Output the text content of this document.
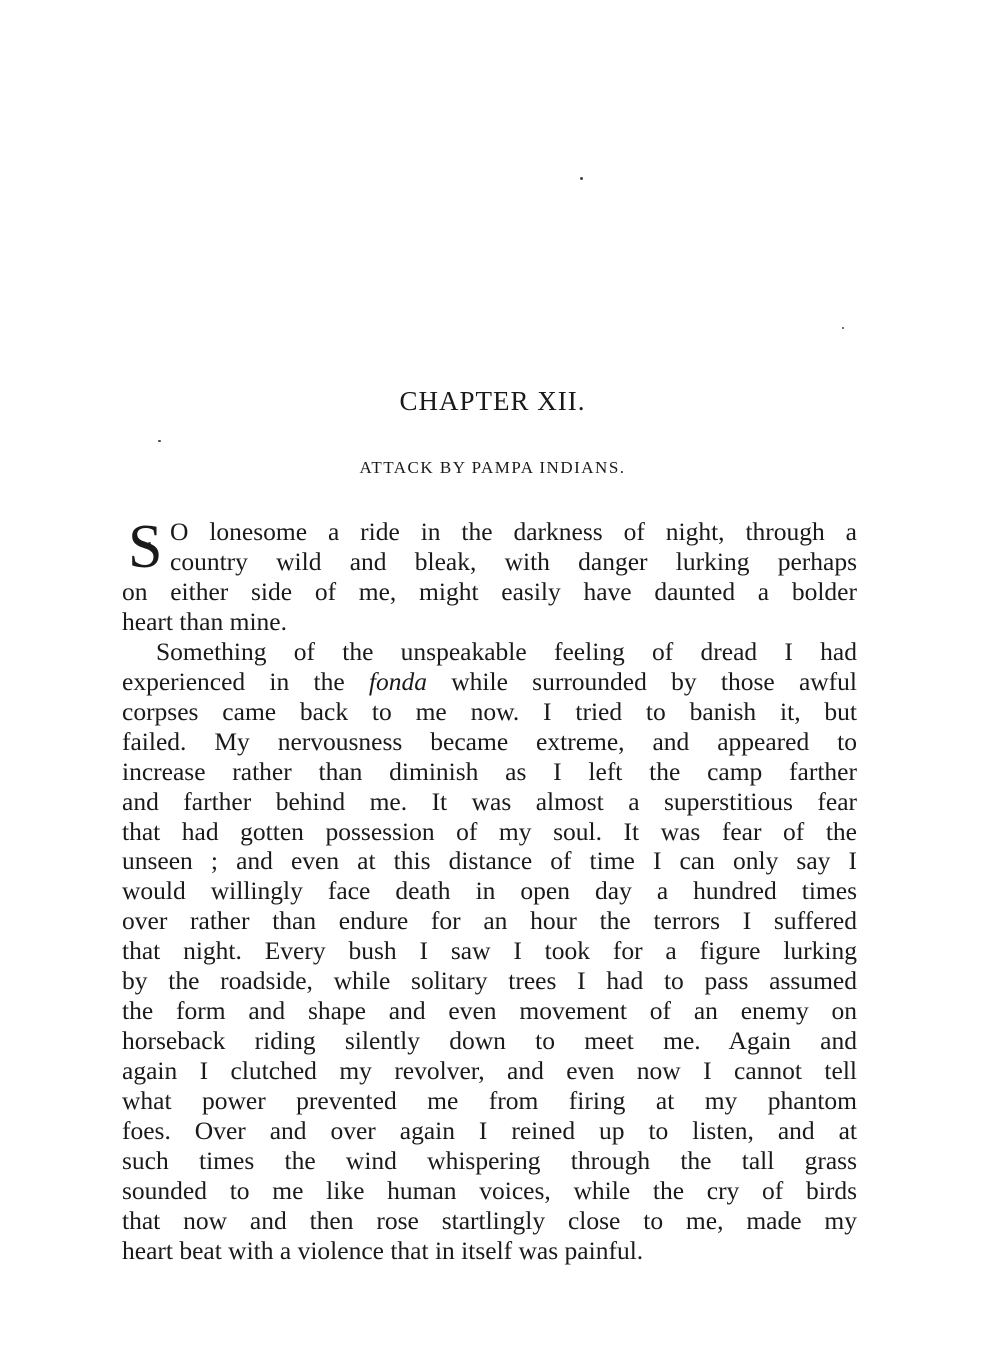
CHAPTER XII.
ATTACK BY PAMPA INDIANS.
S O lonesome a ride in the darkness of night, through a
country wild and bleak, with danger lurking perhaps
on either side of me, might easily have daunted a bolder
heart than mine.
Something of the unspeakable feeling of dread I had
experienced in the fonda while surrounded by those awful
corpses came back to me now. I tried to banish it, but
failed. My nervousness became extreme, and appeared to
increase rather than diminish as I left the camp farther
and farther behind me. It was almost a superstitious fear
that had gotten possession of my soul. It was fear of the
unseen ; and even at this distance of time I can only say I
would willingly face death in open day a hundred times
over rather than endure for an hour the terrors I suffered
that night. Every bush I saw I took for a figure lurking
by the roadside, while solitary trees I had to pass assumed
the form and shape and even movement of an enemy on
horseback riding silently down to meet me. Again and
again I clutched my revolver, and even now I cannot tell
what power prevented me from firing at my phantom
foes. Over and over again I reined up to listen, and at
such times the wind whispering through the tall grass
sounded to me like human voices, while the cry of birds
that now and then rose startlingly close to me, made my
heart beat with a violence that in itself was painful.
